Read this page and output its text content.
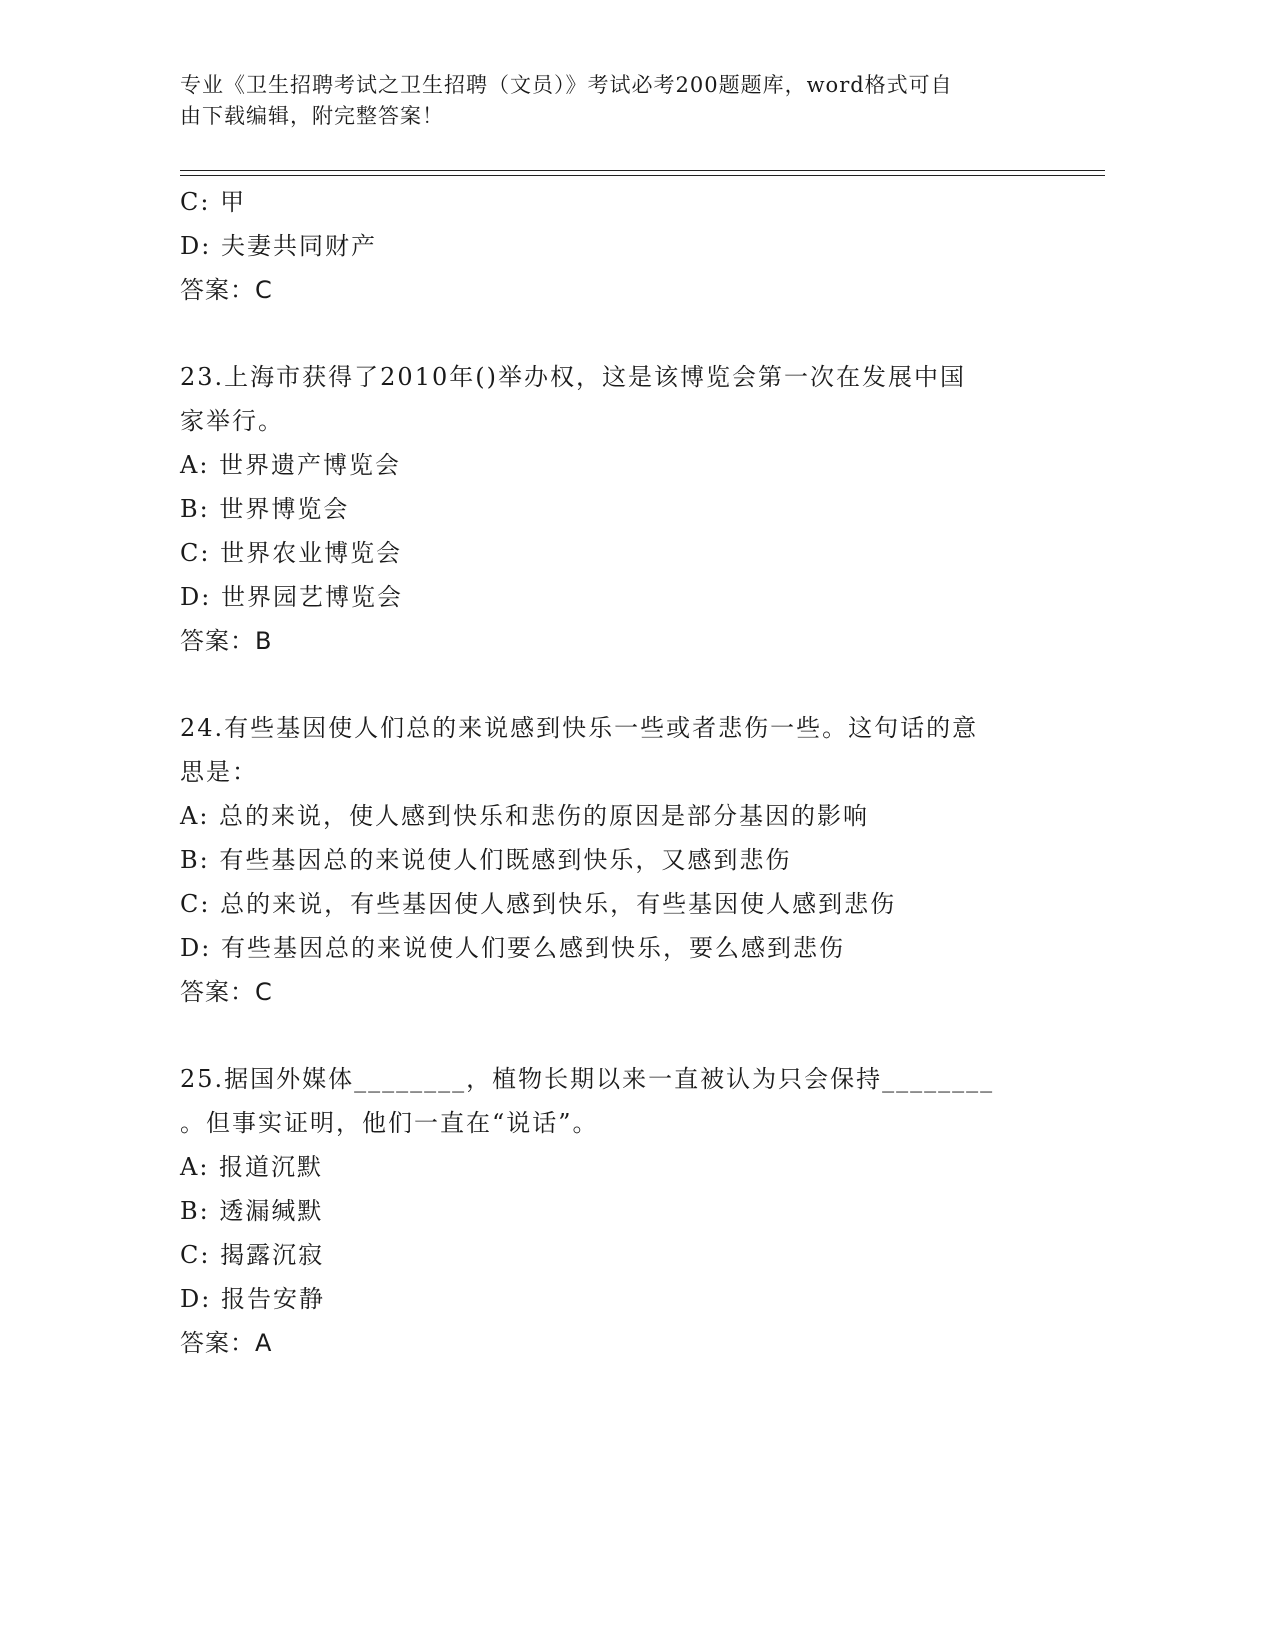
专业《卫生招聘考试之卫生招聘（文员）》考试必考200题题库，word格式可自
由下载编辑，附完整答案！
C: 甲
D: 夫妻共同财产
答案：C
23.上海市获得了2010年()举办权，这是该博览会第一次在发展中国
家举行。
A: 世界遗产博览会
B: 世界博览会
C: 世界农业博览会
D: 世界园艺博览会
答案：B
24.有些基因使人们总的来说感到快乐一些或者悲伤一些。这句话的意
思是：
A: 总的来说，使人感到快乐和悲伤的原因是部分基因的影响
B: 有些基因总的来说使人们既感到快乐，又感到悲伤
C: 总的来说，有些基因使人感到快乐，有些基因使人感到悲伤
D: 有些基因总的来说使人们要么感到快乐，要么感到悲伤
答案：C
25.据国外媒体________，植物长期以来一直被认为只会保持________
。但事实证明，他们一直在“说话”。
A: 报道沉默
B: 透漏缄默
C: 揭露沉寂
D: 报告安静
答案：A
